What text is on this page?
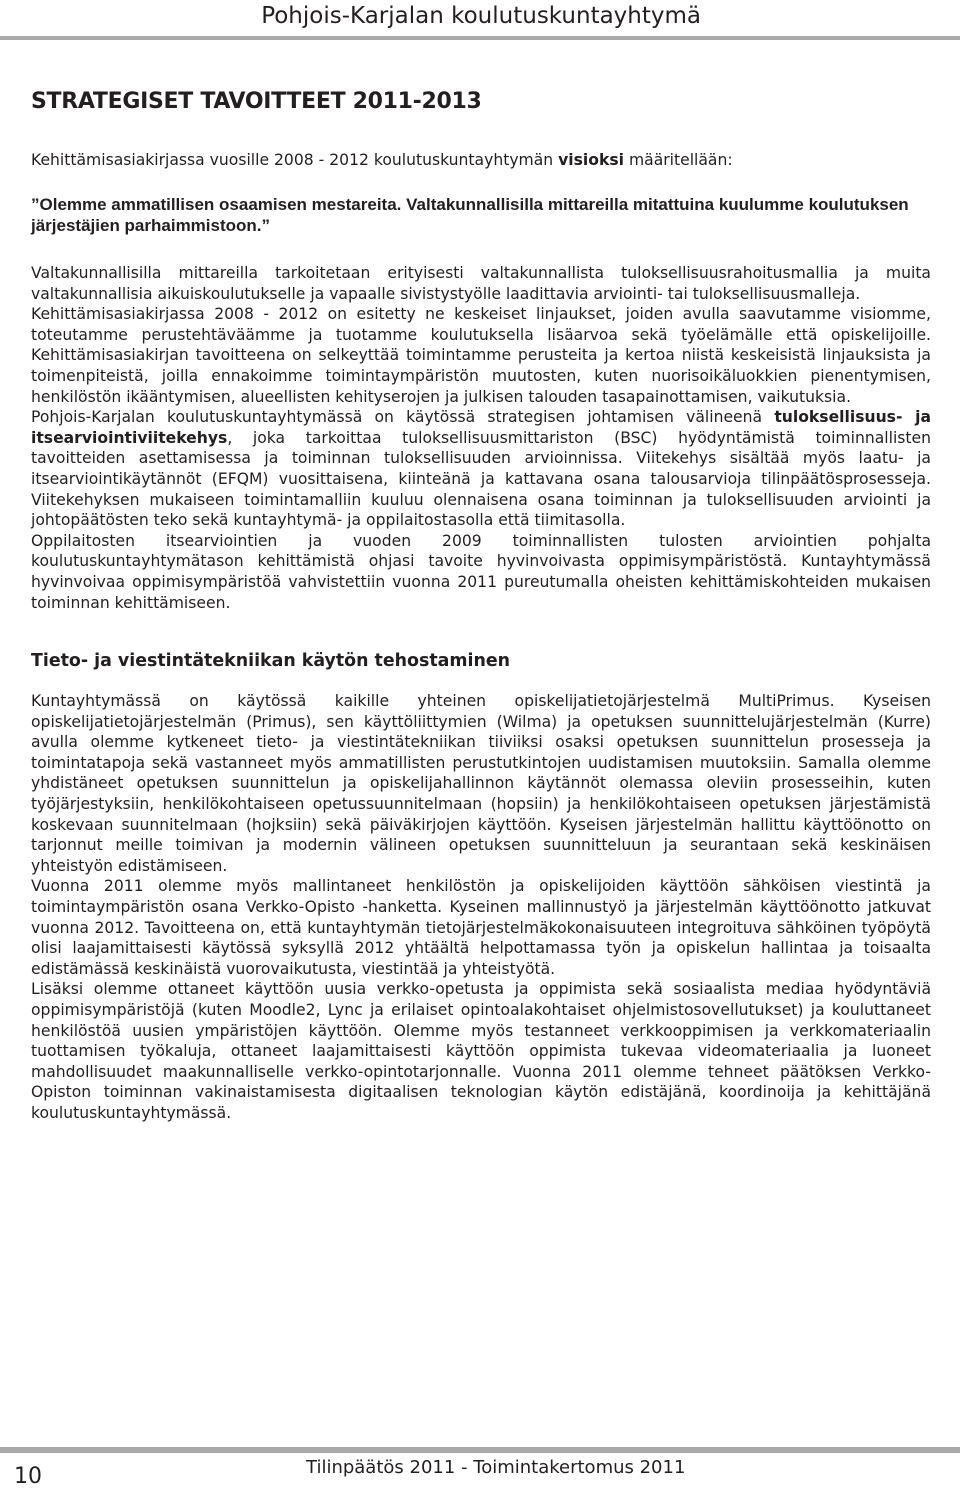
Pohjois-Karjalan koulutuskuntayhtymä
STRATEGISET TAVOITTEET 2011-2013

Kehittämisasiakirjassa vuosille 2008 - 2012 koulutuskuntayhtymän visioksi määritellään:

”Olemme ammatillisen osaamisen mestareita. Valtakunnallisilla mittareilla mitattuina kuulumme koulutuksen järjestäjien parhaimmistoon.”

Valtakunnallisilla mittareilla tarkoitetaan erityisesti valtakunnallista tuloksellisuusrahoitusmallia ja muita valtakunnallisia aikuiskoulutukselle ja vapaalle sivistystyölle laadittavia arviointi- tai tuloksellisuusmalleja.

Kehittämisasiakirjassa 2008 - 2012 on esitetty ne keskeiset linjaukset, joiden avulla saavutamme visiomme, toteutamme perustehtäväämme ja tuotamme koulutuksella lisäarvoa sekä työelämälle että opiskelijoille. Kehittämisasiakirjan tavoitteena on selkeyttää toimintamme perusteita ja kertoa niistä keskeisistä linjauksista ja toimenpiteistä, joilla ennakoimme toimintaympäristön muutosten, kuten nuorisoikäluokkien pienentymisen, henkilöstön ikääntymisen, alueellisten kehityserojen ja julkisen talouden tasapainottamisen, vaikutuksia.

Pohjois-Karjalan koulutuskuntayhtymässä on käytössä strategisen johtamisen välineenä tuloksellisuus- ja itsearviointiviitekehys, joka tarkoittaa tuloksellisuusmittariston (BSC) hyödyntämistä toiminnallisten tavoitteiden asettamisessa ja toiminnan tuloksellisuuden arvioinnissa. Viitekehys sisältää myös laatu- ja itsearviointikäytännöt (EFQM) vuosittaisena, kiinteänä ja kattavana osana talousarvioja tilinpäätösprosesseja. Viitekehyksen mukaiseen toimintamalliin kuuluu olennaisena osana toiminnan ja tuloksellisuuden arviointi ja johtopäätösten teko sekä kuntayhtymä- ja oppilaitostasolla että tiimitasolla.

Oppilaitosten itsearviointien ja vuoden 2009 toiminnallisten tulosten arviointien pohjalta koulutuskuntayhtymätason kehittämistä ohjasi tavoite hyvinvoivasta oppimisympäristöstä. Kuntayhtymässä hyvinvoivaa oppimisympäristöä vahvistettiin vuonna 2011 pureutumalla oheisten kehittämiskohteiden mukaisen toiminnan kehittämiseen.

Tieto- ja viestintätekniikan käytön tehostaminen

Kuntayhtymässä on käytössä kaikille yhteinen opiskelijatietojärjestelmä MultiPrimus. Kyseisen opiskelijatietojärjestelmän (Primus), sen käyttöliittymien (Wilma) ja opetuksen suunnittelujärjestelmän (Kurre) avulla olemme kytkeneet tieto- ja viestintätekniikan tiiviiksi osaksi opetuksen suunnittelun prosesseja ja toimintatapoja sekä vastanneet myös ammatillisten perustutkintojen uudistamisen muutoksiin. Samalla olemme yhdistäneet opetuksen suunnittelun ja opiskelijahallinnon käytännöt olemassa oleviin prosesseihin, kuten työjärjestyksiin, henkilökohtaiseen opetussuunnitelmaan (hopsiin) ja henkilökohtaiseen opetuksen järjestämistä koskevaan suunnitelmaan (hojksiin) sekä päiväkirjojen käyttöön. Kyseisen järjestelmän hallittu käyttöönotto on tarjonnut meille toimivan ja modernin välineen opetuksen suunnitteluun ja seurantaan sekä keskinäisen yhteistyön edistämiseen.

Vuonna 2011 olemme myös mallintaneet henkilöstön ja opiskelijoiden käyttöön sähköisen viestintä ja toimintaympäristön osana Verkko-Opisto -hanketta. Kyseinen mallinnustyö ja järjestelmän käyttöönotto jatkuvat vuonna 2012. Tavoitteena on, että kuntayhtymän tietojärjestelmäkokonaisuuteen integroituva sähköinen työpöytä olisi laajamittaisesti käytössä syksyllä 2012 yhtäältä helpottamassa työn ja opiskelun hallintaa ja toisaalta edistämässä keskinäistä vuorovaikutusta, viestintää ja yhteistyötä.

Lisäksi olemme ottaneet käyttöön uusia verkko-opetusta ja oppimista sekä sosiaalista mediaa hyödyntäviä oppimisympäristöjä (kuten Moodle2, Lync ja erilaiset opintoalakohtaiset ohjelmistosovellutukset) ja kouluttaneet henkilöstöä uusien ympäristöjen käyttöön. Olemme myös testanneet verkkooppimisen ja verkkomateriaalin tuottamisen työkaluja, ottaneet laajamittaisesti käyttöön oppimista tukevaa videomateriaalia ja luoneet mahdollisuudet maakunnalliselle verkko-opintotarjonnalle. Vuonna 2011 olemme tehneet päätöksen Verkko-Opiston toiminnan vakinaistamisesta digitaalisen teknologian käytön edistäjänä, koordinoija ja kehittäjänä koulutuskuntayhtymässä.

10	Tilinpäätös 2011 - Toimintakertomus 2011
